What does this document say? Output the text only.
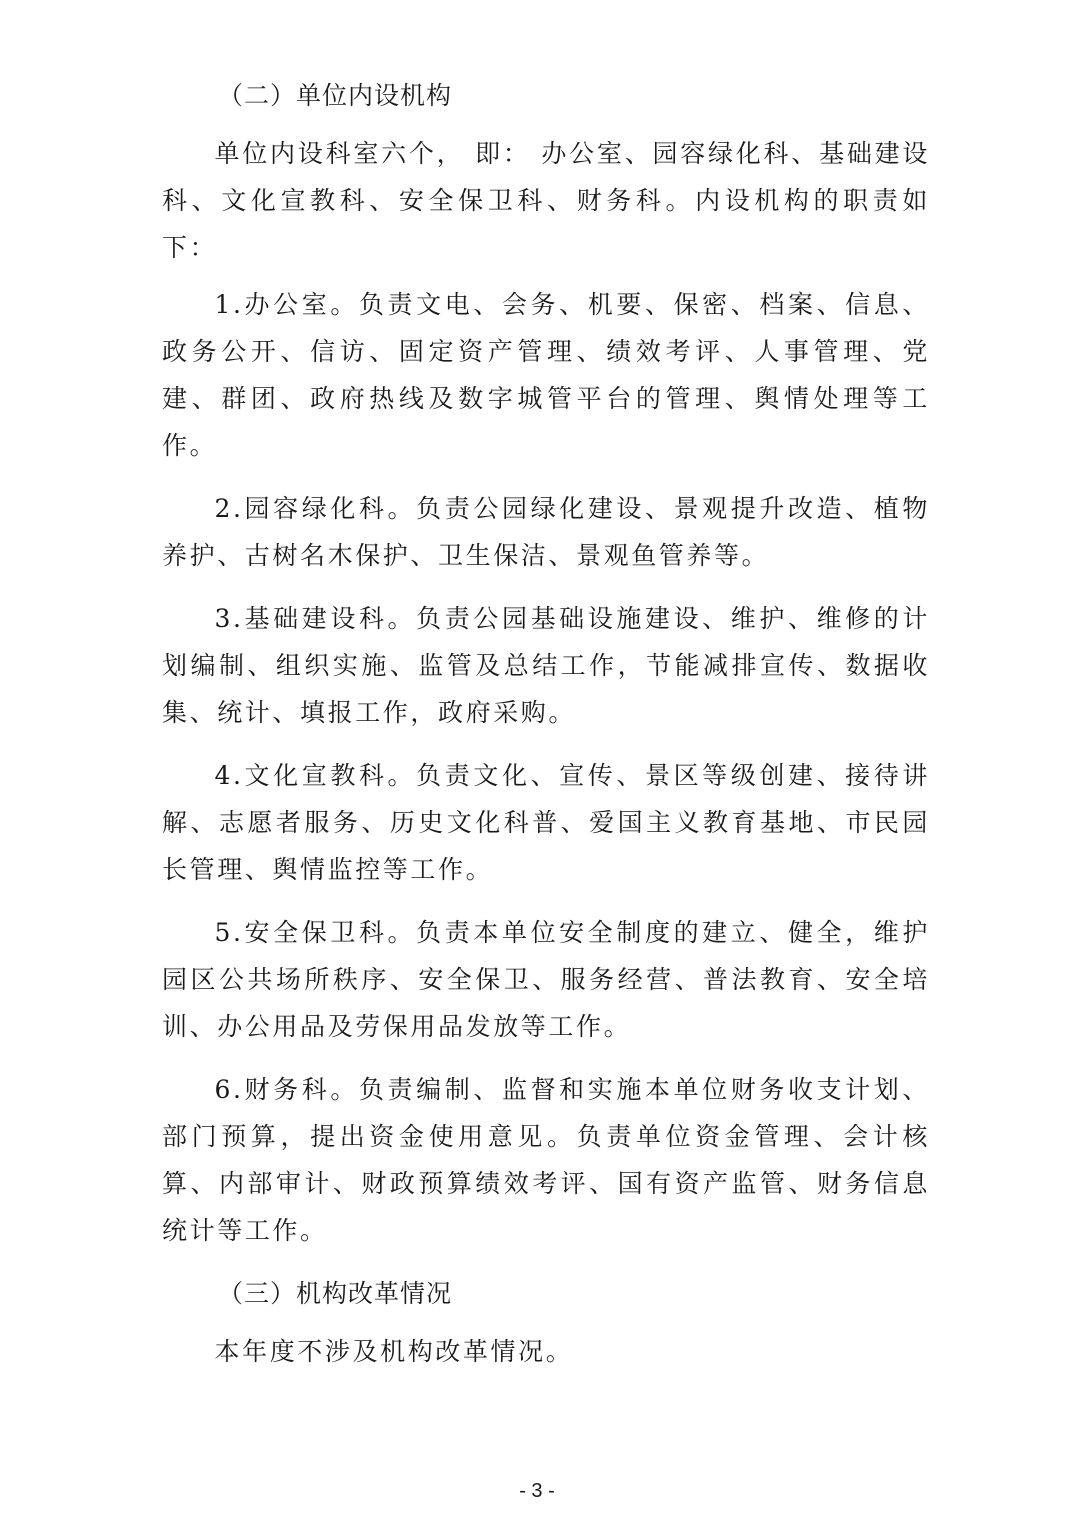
（二）单位内设机构

单位内设科室六个， 即： 办公室、园容绿化科、基础建设科、文化宣教科、安全保卫科、财务科。内设机构的职责如下：

1.办公室。负责文电、会务、机要、保密、档案、信息、政务公开、信访、固定资产管理、绩效考评、人事管理、党建、群团、政府热线及数字城管平台的管理、舆情处理等工作。

2.园容绿化科。负责公园绿化建设、景观提升改造、植物养护、古树名木保护、卫生保洁、景观鱼管养等。

3.基础建设科。负责公园基础设施建设、维护、维修的计划编制、组织实施、监管及总结工作，节能减排宣传、数据收集、统计、填报工作，政府采购。

4.文化宣教科。负责文化、宣传、景区等级创建、接待讲解、志愿者服务、历史文化科普、爱国主义教育基地、市民园长管理、舆情监控等工作。

5.安全保卫科。负责本单位安全制度的建立、健全，维护园区公共场所秩序、安全保卫、服务经营、普法教育、安全培训、办公用品及劳保用品发放等工作。

6.财务科。负责编制、监督和实施本单位财务收支计划、部门预算，提出资金使用意见。负责单位资金管理、会计核算、内部审计、财政预算绩效考评、国有资产监管、财务信息统计等工作。

（三）机构改革情况

本年度不涉及机构改革情况。

- 3 -
